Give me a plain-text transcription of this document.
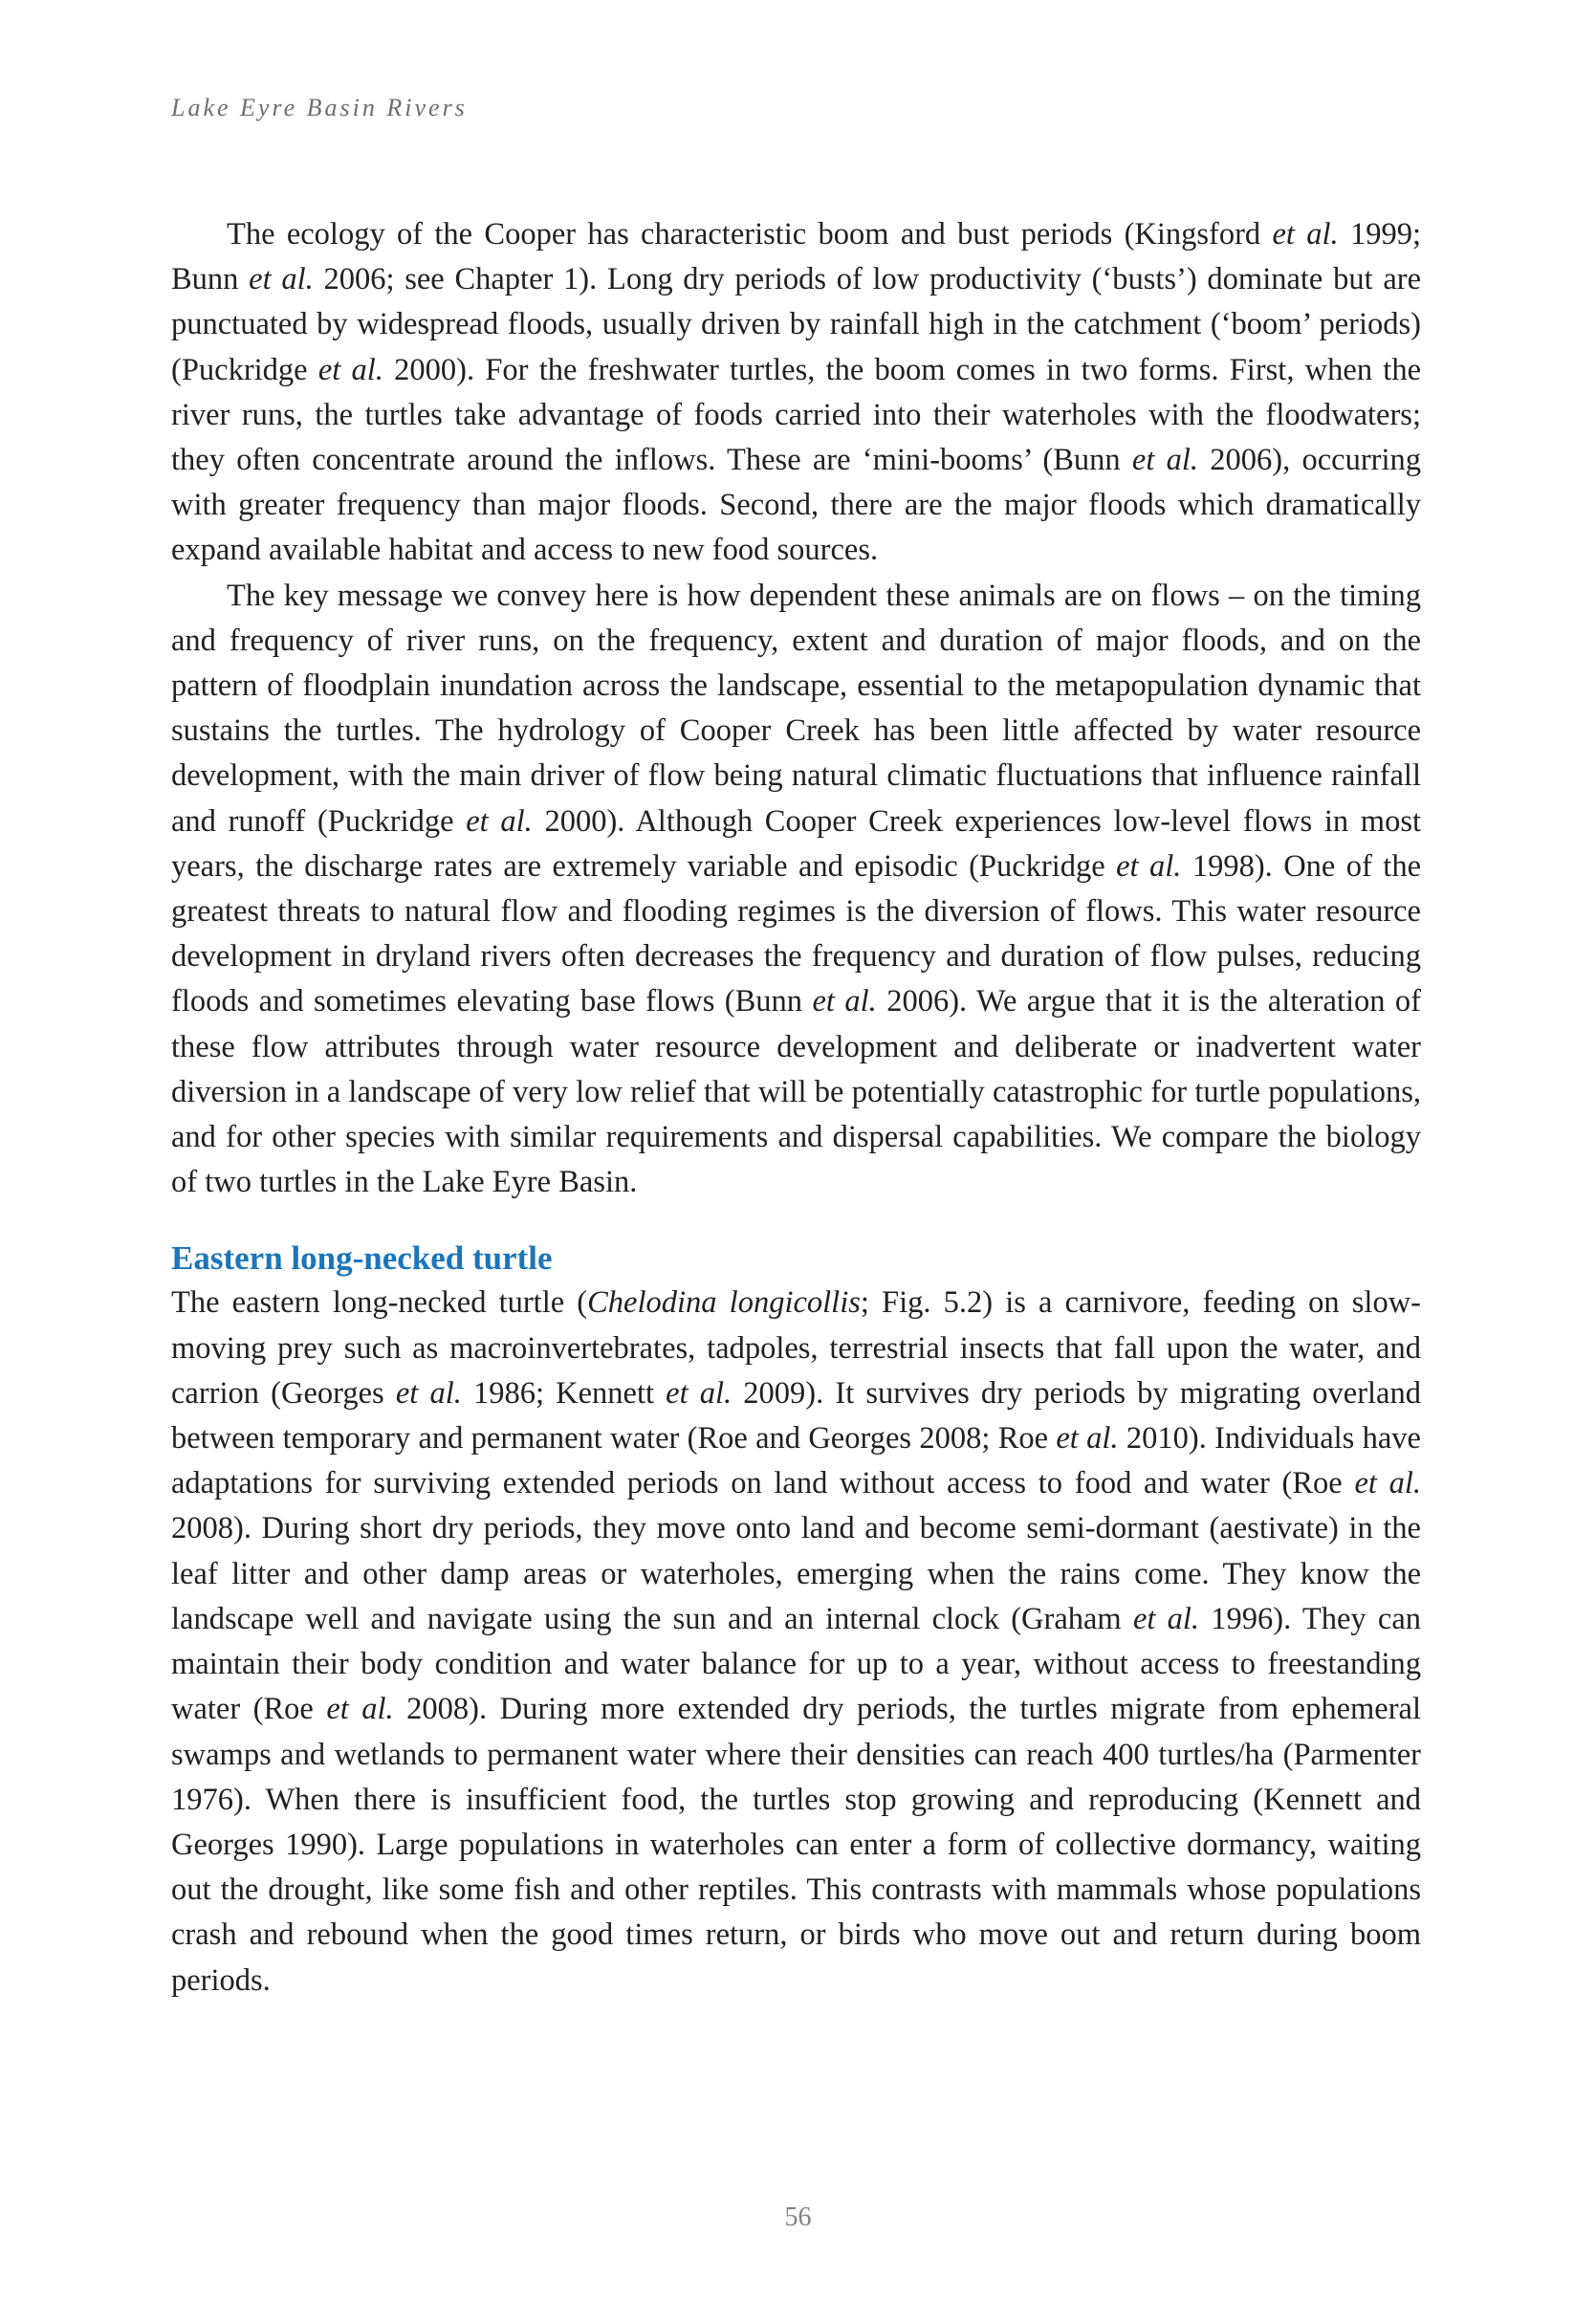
Lake Eyre Basin Rivers

The ecology of the Cooper has characteristic boom and bust periods (Kingsford et al. 1999; Bunn et al. 2006; see Chapter 1). Long dry periods of low productivity (‘busts’) dominate but are punctuated by widespread floods, usually driven by rainfall high in the catchment (‘boom’ periods) (Puckridge et al. 2000). For the freshwater turtles, the boom comes in two forms. First, when the river runs, the turtles take advantage of foods carried into their waterholes with the floodwaters; they often concentrate around the inflows. These are ‘mini-booms’ (Bunn et al. 2006), occurring with greater frequency than major floods. Second, there are the major floods which dramatically expand available habitat and access to new food sources.

The key message we convey here is how dependent these animals are on flows – on the timing and frequency of river runs, on the frequency, extent and duration of major floods, and on the pattern of floodplain inundation across the landscape, essential to the metapopulation dynamic that sustains the turtles. The hydrology of Cooper Creek has been little affected by water resource development, with the main driver of flow being natural climatic fluctuations that influence rainfall and runoff (Puckridge et al. 2000). Although Cooper Creek experiences low-level flows in most years, the discharge rates are extremely variable and episodic (Puckridge et al. 1998). One of the greatest threats to natural flow and flooding regimes is the diversion of flows. This water resource development in dryland rivers often decreases the frequency and duration of flow pulses, reducing floods and sometimes elevating base flows (Bunn et al. 2006). We argue that it is the alteration of these flow attributes through water resource development and deliberate or inadvertent water diversion in a landscape of very low relief that will be potentially catastrophic for turtle populations, and for other species with similar requirements and dispersal capabilities. We compare the biology of two turtles in the Lake Eyre Basin.

Eastern long-necked turtle

The eastern long-necked turtle (Chelodina longicollis; Fig. 5.2) is a carnivore, feeding on slow-moving prey such as macroinvertebrates, tadpoles, terrestrial insects that fall upon the water, and carrion (Georges et al. 1986; Kennett et al. 2009). It survives dry periods by migrating overland between temporary and permanent water (Roe and Georges 2008; Roe et al. 2010). Individuals have adaptations for surviving extended periods on land without access to food and water (Roe et al. 2008). During short dry periods, they move onto land and become semi-dormant (aestivate) in the leaf litter and other damp areas or waterholes, emerging when the rains come. They know the landscape well and navigate using the sun and an internal clock (Graham et al. 1996). They can maintain their body condition and water balance for up to a year, without access to freestanding water (Roe et al. 2008). During more extended dry periods, the turtles migrate from ephemeral swamps and wetlands to permanent water where their densities can reach 400 turtles/ha (Parmenter 1976). When there is insufficient food, the turtles stop growing and reproducing (Kennett and Georges 1990). Large populations in waterholes can enter a form of collective dormancy, waiting out the drought, like some fish and other reptiles. This contrasts with mammals whose populations crash and rebound when the good times return, or birds who move out and return during boom periods.

56
